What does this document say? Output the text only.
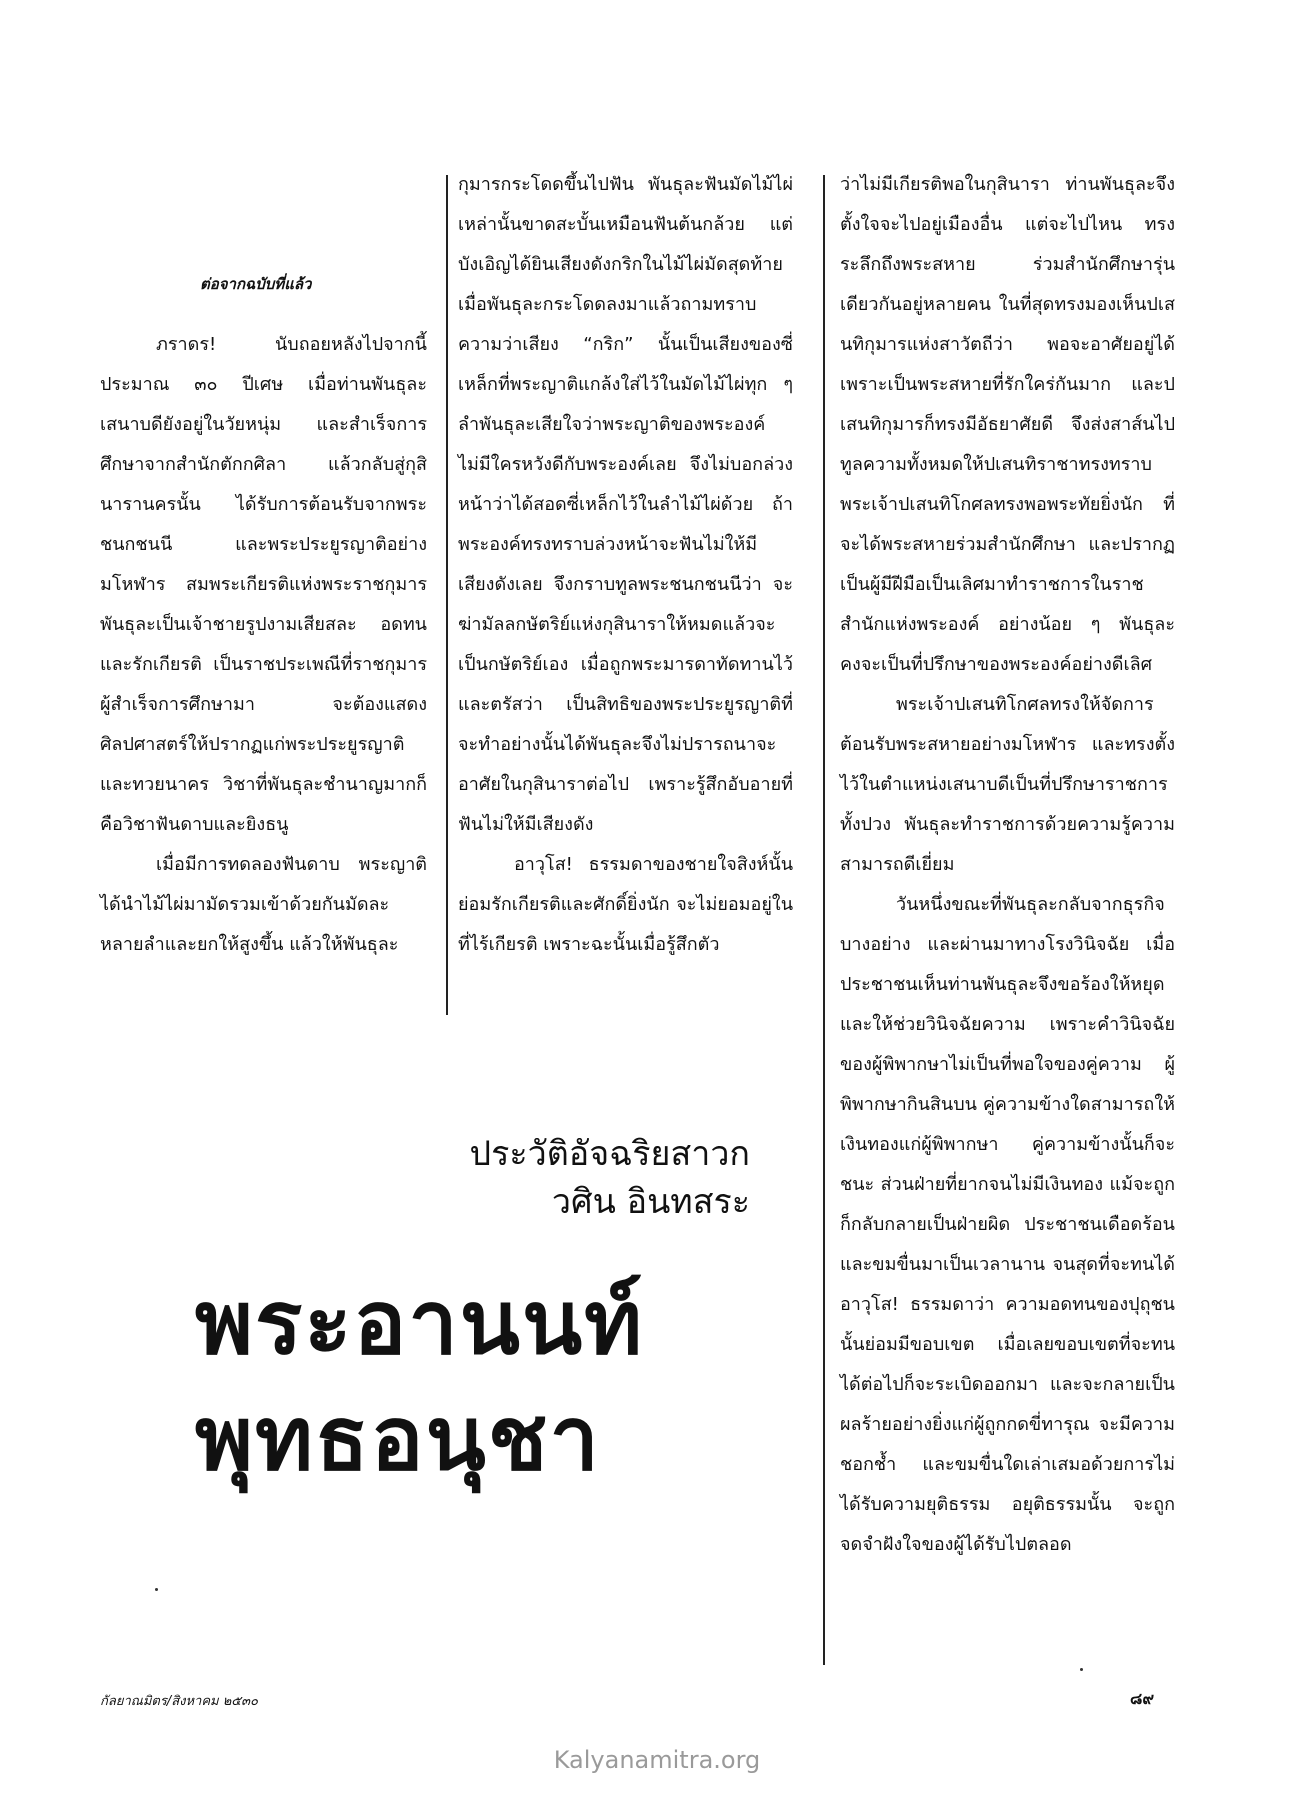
ต่อจากฉบับที่แล้ว

ภราดร! นับถอยหลังไปจากนี้ประมาณ ๓๐ ปีเศษ เมื่อท่านพันธุละเสนาบดียังอยู่ในวัยหนุ่ม และสำเร็จการศึกษาจากสำนักตักกศิลา แล้วกลับสู่กุสินารานครนั้น ได้รับการต้อนรับจากพระชนกชนนี และพระประยูรญาติอย่างมโหฬาร สมพระเกียรติแห่งพระราชกุมาร พันธุละเป็นเจ้าชายรูปงามเสียสละ อดทน และรักเกียรติ เป็นราชประเพณีที่ราชกุมารผู้สำเร็จการศึกษามา จะต้องแสดงศิลปศาสตร์ให้ปรากฏแก่พระประยูรญาติและทวยนาคร วิชาที่พันธุละชำนาญมากก็คือวิชาฟันดาบและยิงธนู

เมื่อมีการทดลองฟันดาบ พระญาติได้นำไม้ไผ่มามัดรวมเข้าด้วยกันมัดละหลายลำและยกให้สูงขึ้น แล้วให้พันธุละ

กุมารกระโดดขึ้นไปฟัน พันธุละฟันมัดไม้ไผ่เหล่านั้นขาดสะบั้นเหมือนฟันต้นกล้วย แต่บังเอิญได้ยินเสียงดังกริกในไม้ไผ่มัดสุดท้าย เมื่อพันธุละกระโดดลงมาแล้วถามทราบความว่าเสียง “กริก” นั้นเป็นเสียงของซี่เหล็กที่พระญาติแกล้งใส่ไว้ในมัดไม้ไผ่ทุก ๆ ลำพันธุละเสียใจว่าพระญาติของพระองค์ไม่มีใครหวังดีกับพระองค์เลย จึงไม่บอกล่วงหน้าว่าได้สอดซี่เหล็กไว้ในลำไม้ไผ่ด้วย ถ้าพระองค์ทรงทราบล่วงหน้าจะฟันไม่ให้มีเสียงดังเลย จึงกราบทูลพระชนกชนนีว่า จะฆ่ามัลลกษัตริย์แห่งกุสินาราให้หมดแล้วจะเป็นกษัตริย์เอง เมื่อถูกพระมารดาทัดทานไว้และตรัสว่า เป็นสิทธิของพระประยูรญาติที่จะทำอย่างนั้นได้พันธุละจึงไม่ปรารถนาจะอาศัยในกุสินาราต่อไป เพราะรู้สึกอับอายที่ฟันไม่ให้มีเสียงดัง

อาวุโส! ธรรมดาของชายใจสิงห์นั้นย่อมรักเกียรติและศักดิ์ยิ่งนัก จะไม่ยอมอยู่ในที่ไร้เกียรติ เพราะฉะนั้นเมื่อรู้สึกตัว

ว่าไม่มีเกียรติพอในกุสินารา ท่านพันธุละจึงตั้งใจจะไปอยู่เมืองอื่น แต่จะไปไหน ทรงระลึกถึงพระสหาย ร่วมสำนักศึกษารุ่นเดียวกันอยู่หลายคน ในที่สุดทรงมองเห็นปเสนทิกุมารแห่งสาวัตถีว่า พอจะอาศัยอยู่ได้ เพราะเป็นพระสหายที่รักใคร่กันมาก และปเสนทิกุมารก็ทรงมีอัธยาศัยดี จึงส่งสาส์นไปทูลความทั้งหมดให้ปเสนทิราชาทรงทราบ พระเจ้าปเสนทิโกศลทรงพอพระทัยยิ่งนัก ที่จะได้พระสหายร่วมสำนักศึกษา และปรากฏเป็นผู้มีฝีมือเป็นเลิศมาทำราชการในราชสำนักแห่งพระองค์ อย่างน้อย ๆ พันธุละคงจะเป็นที่ปรึกษาของพระองค์อย่างดีเลิศ

พระเจ้าปเสนทิโกศลทรงให้จัดการต้อนรับพระสหายอย่างมโหฬาร และทรงตั้งไว้ในตำแหน่งเสนาบดีเป็นที่ปรึกษาราชการทั้งปวง พันธุละทำราชการด้วยความรู้ความสามารถดีเยี่ยม

วันหนึ่งขณะที่พันธุละกลับจากธุรกิจบางอย่าง และผ่านมาทางโรงวินิจฉัย เมื่อประชาชนเห็นท่านพันธุละจึงขอร้องให้หยุดและให้ช่วยวินิจฉัยความ เพราะคำวินิจฉัยของผู้พิพากษาไม่เป็นที่พอใจของคู่ความ ผู้พิพากษากินสินบน คู่ความข้างใดสามารถให้เงินทองแก่ผู้พิพากษา คู่ความข้างนั้นก็จะชนะ ส่วนฝ่ายที่ยากจนไม่มีเงินทอง แม้จะถูกก็กลับกลายเป็นฝ่ายผิด ประชาชนเดือดร้อนและขมขื่นมาเป็นเวลานาน จนสุดที่จะทนได้ อาวุโส! ธรรมดาว่า ความอดทนของปุถุชนนั้นย่อมมีขอบเขต เมื่อเลยขอบเขตที่จะทนได้ต่อไปก็จะระเบิดออกมา และจะกลายเป็นผลร้ายอย่างยิ่งแก่ผู้ถูกกดขี่ทารุณ จะมีความชอกช้ำ และขมขื่นใดเล่าเสมอด้วยการไม่ได้รับความยุติธรรม อยุติธรรมนั้น จะถูกจดจำฝังใจของผู้ได้รับไปตลอด

ประวัติอัจฉริยสาวก
วศิน อินทสระ
พระอานนท์
พุทธอนุชา
กัลยาณมิตร/สิงหาคม ๒๕๓๐	๘๙
Kalyanamitra.org
